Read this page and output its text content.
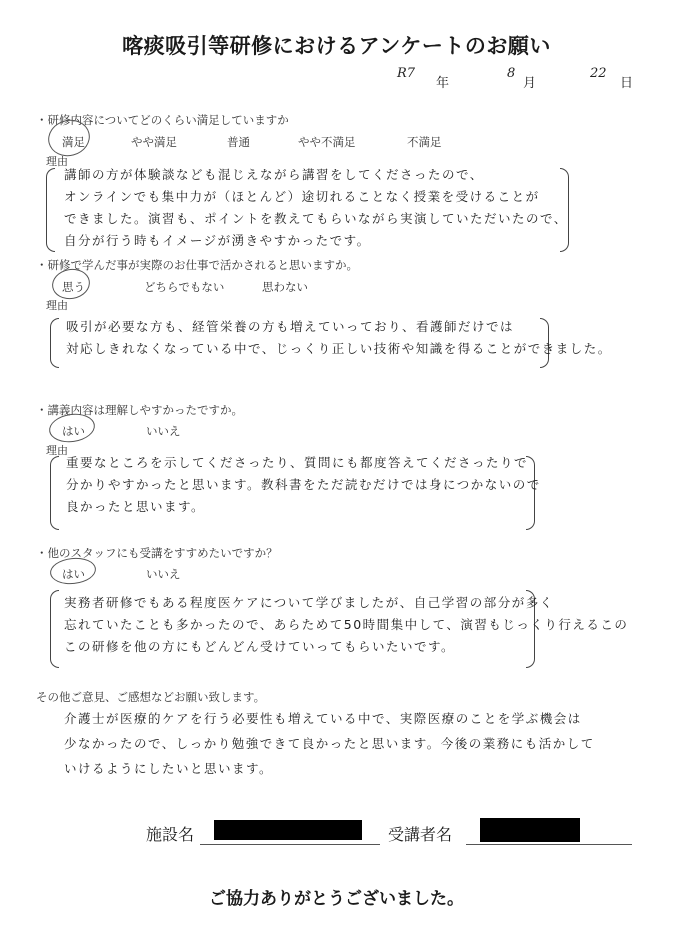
喀痰吸引等研修におけるアンケートのお願い
R7
年
8
月
22
日
・研修内容についてどのくらい満足していますか
満足	やや満足	普通	やや不満足	不満足
理由
講師の方が体験談なども混じえながら講習をしてくださったので、
オンラインでも集中力が（ほとんど）途切れることなく授業を受けることが
できました。演習も、ポイントを教えてもらいながら実演していただいたので、
自分が行う時もイメージが湧きやすかったです。
・研修で学んだ事が実際のお仕事で活かされると思いますか。
思う	どちらでもない	思わない
理由
吸引が必要な方も、経管栄養の方も増えていっており、看護師だけでは
対応しきれなくなっている中で、じっくり正しい技術や知識を得ることができました。
・講義内容は理解しやすかったですか。
はい	いいえ
理由
重要なところを示してくださったり、質問にも都度答えてくださったりで
分かりやすかったと思います。教科書をただ読むだけでは身につかないので
良かったと思います。
・他のスタッフにも受講をすすめたいですか？
はい	いいえ
実務者研修でもある程度医ケアについて学びましたが、自己学習の部分が多く
忘れていたことも多かったので、あらためて50時間集中して、演習もじっくり行えるこの
この研修を他の方にもどんどん受けていってもらいたいです。
その他ご意見、ご感想などお願い致します。
介護士が医療的ケアを行う必要性も増えている中で、実際医療のことを学ぶ機会は
少なかったので、しっかり勉強できて良かったと思います。今後の業務にも活かして
いけるようにしたいと思います。
施設名	受講者名
ご協力ありがとうございました。
